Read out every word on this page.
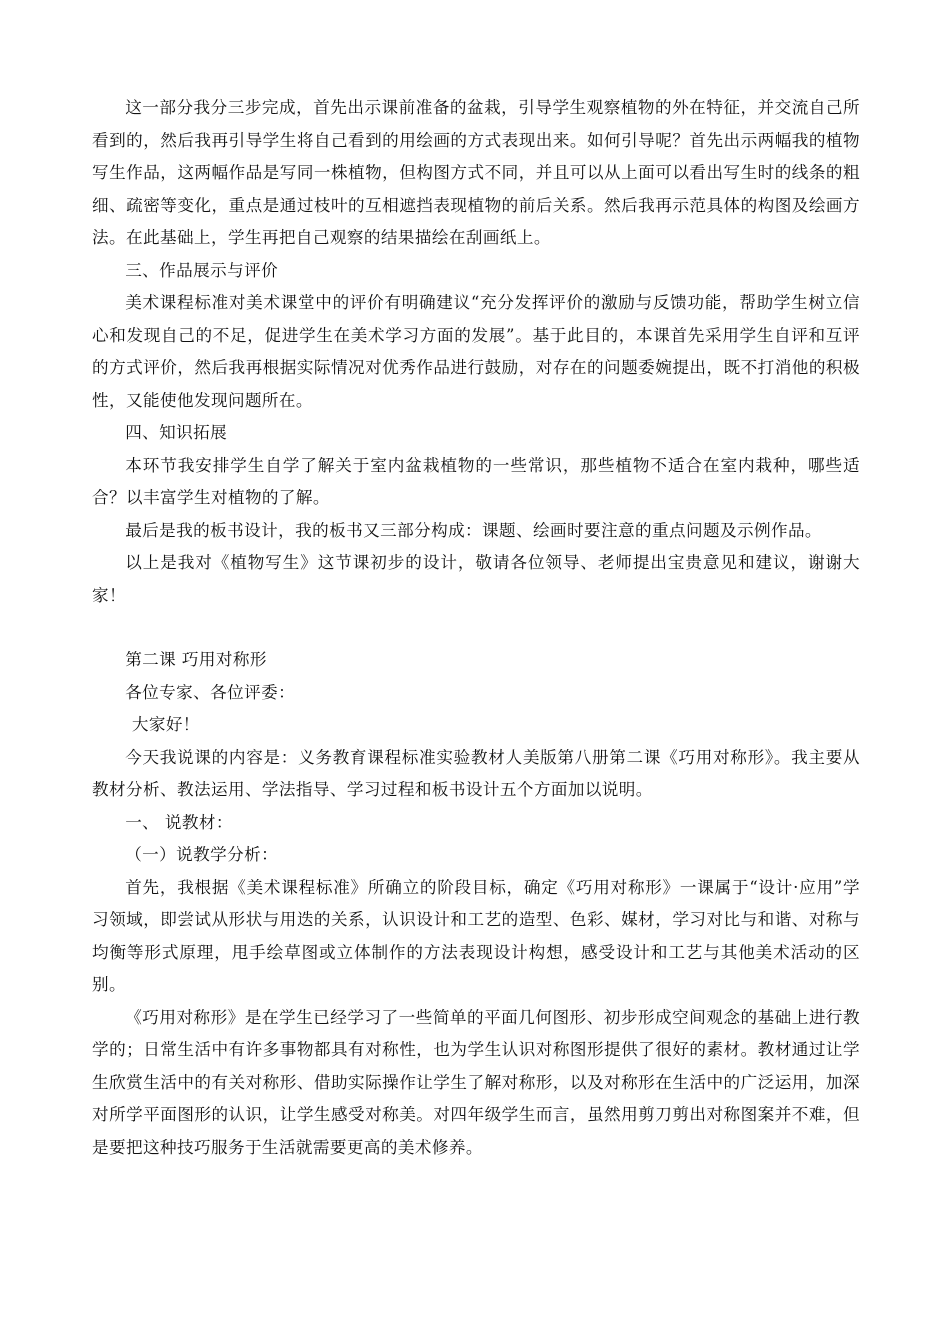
这一部分我分三步完成，首先出示课前准备的盆栽，引导学生观察植物的外在特征，并交流自己所看到的，然后我再引导学生将自己看到的用绘画的方式表现出来。如何引导呢？首先出示两幅我的植物写生作品，这两幅作品是写同一株植物，但构图方式不同，并且可以从上面可以看出写生时的线条的粗细、疏密等变化，重点是通过枝叶的互相遮挡表现植物的前后关系。然后我再示范具体的构图及绘画方法。在此基础上，学生再把自己观察的结果描绘在刮画纸上。

三、作品展示与评价

美术课程标准对美术课堂中的评价有明确建议“充分发挥评价的激励与反馈功能，帮助学生树立信心和发现自己的不足，促进学生在美术学习方面的发展”。基于此目的，本课首先采用学生自评和互评的方式评价，然后我再根据实际情况对优秀作品进行鼓励，对存在的问题委婉提出，既不打消他的积极性，又能使他发现问题所在。

四、知识拓展

本环节我安排学生自学了解关于室内盆栽植物的一些常识，那些植物不适合在室内栽种，哪些适合？以丰富学生对植物的了解。

最后是我的板书设计，我的板书又三部分构成：课题、绘画时要注意的重点问题及示例作品。

以上是我对《植物写生》这节课初步的设计，敬请各位领导、老师提出宝贵意见和建议，谢谢大家！

第二课 巧用对称形

各位专家、各位评委：

大家好！

今天我说课的内容是：义务教育课程标准实验教材人美版第八册第二课《巧用对称形》。我主要从教材分析、教法运用、学法指导、学习过程和板书设计五个方面加以说明。

一、 说教材：

（一）说教学分析：

首先，我根据《美术课程标准》所确立的阶段目标，确定《巧用对称形》一课属于“设计·应用”学习领域，即尝试从形状与用迭的关系，认识设计和工艺的造型、色彩、媒材，学习对比与和谐、对称与均衡等形式原理，甩手绘草图或立体制作的方法表现设计构想，感受设计和工艺与其他美术活动的区别。

《巧用对称形》是在学生已经学习了一些简单的平面几何图形、初步形成空间观念的基础上进行教学的；日常生活中有许多事物都具有对称性，也为学生认识对称图形提供了很好的素材。教材通过让学生欣赏生活中的有关对称形、借助实际操作让学生了解对称形，以及对称形在生活中的广泛运用，加深对所学平面图形的认识，让学生感受对称美。对四年级学生而言，虽然用剪刀剪出对称图案并不难，但是要把这种技巧服务于生活就需要更高的美术修养。
